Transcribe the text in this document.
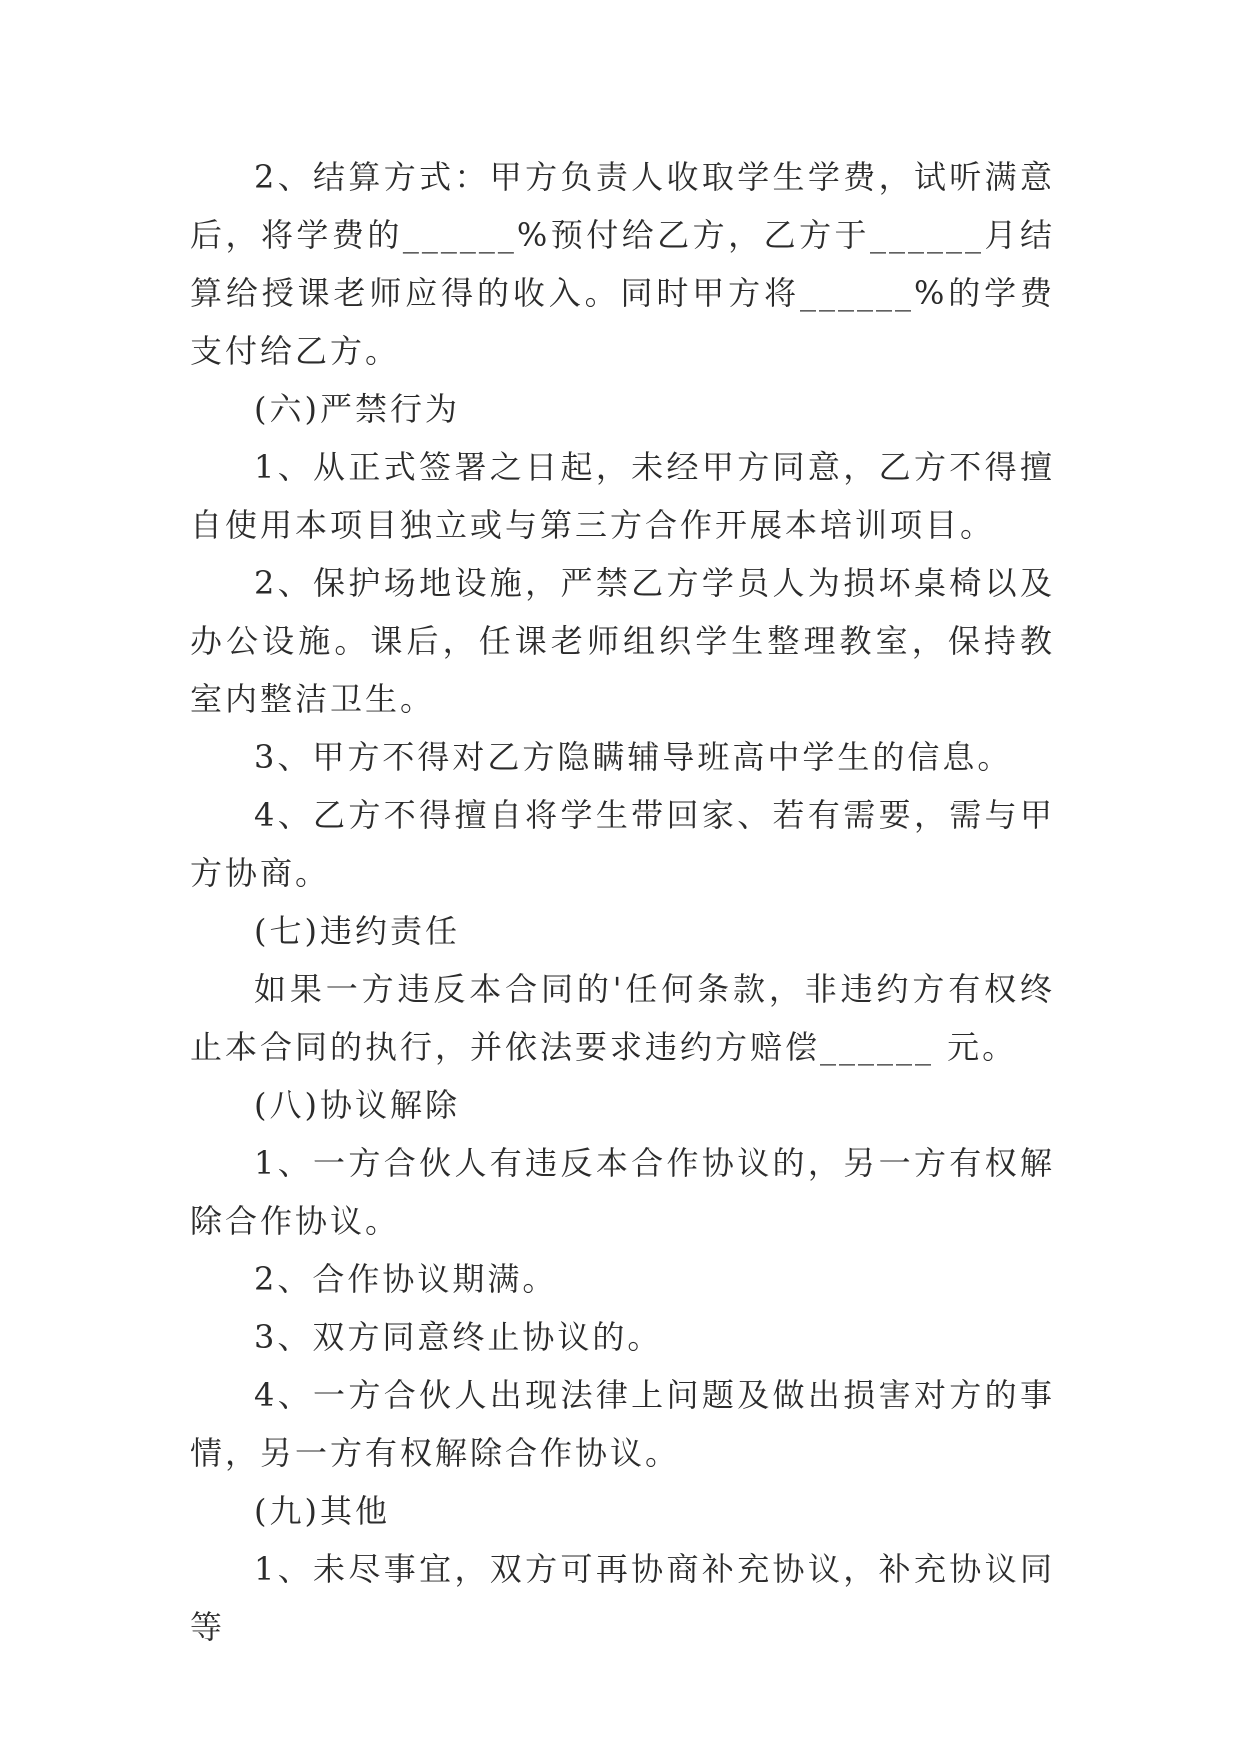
2、结算方式：甲方负责人收取学生学费，试听满意后，将学费的______%预付给乙方，乙方于______月结算给授课老师应得的收入。同时甲方将______%的学费支付给乙方。

(六)严禁行为

1、从正式签署之日起，未经甲方同意，乙方不得擅自使用本项目独立或与第三方合作开展本培训项目。

2、保护场地设施，严禁乙方学员人为损坏桌椅以及办公设施。课后，任课老师组织学生整理教室，保持教室内整洁卫生。

3、甲方不得对乙方隐瞒辅导班高中学生的信息。

4、乙方不得擅自将学生带回家、若有需要，需与甲方协商。

(七)违约责任

如果一方违反本合同的'任何条款，非违约方有权终止本合同的执行，并依法要求违约方赔偿______ 元。

(八)协议解除

1、一方合伙人有违反本合作协议的，另一方有权解除合作协议。

2、合作协议期满。

3、双方同意终止协议的。

4、一方合伙人出现法律上问题及做出损害对方的事情，另一方有权解除合作协议。

(九)其他

1、未尽事宜，双方可再协商补充协议，补充协议同等
